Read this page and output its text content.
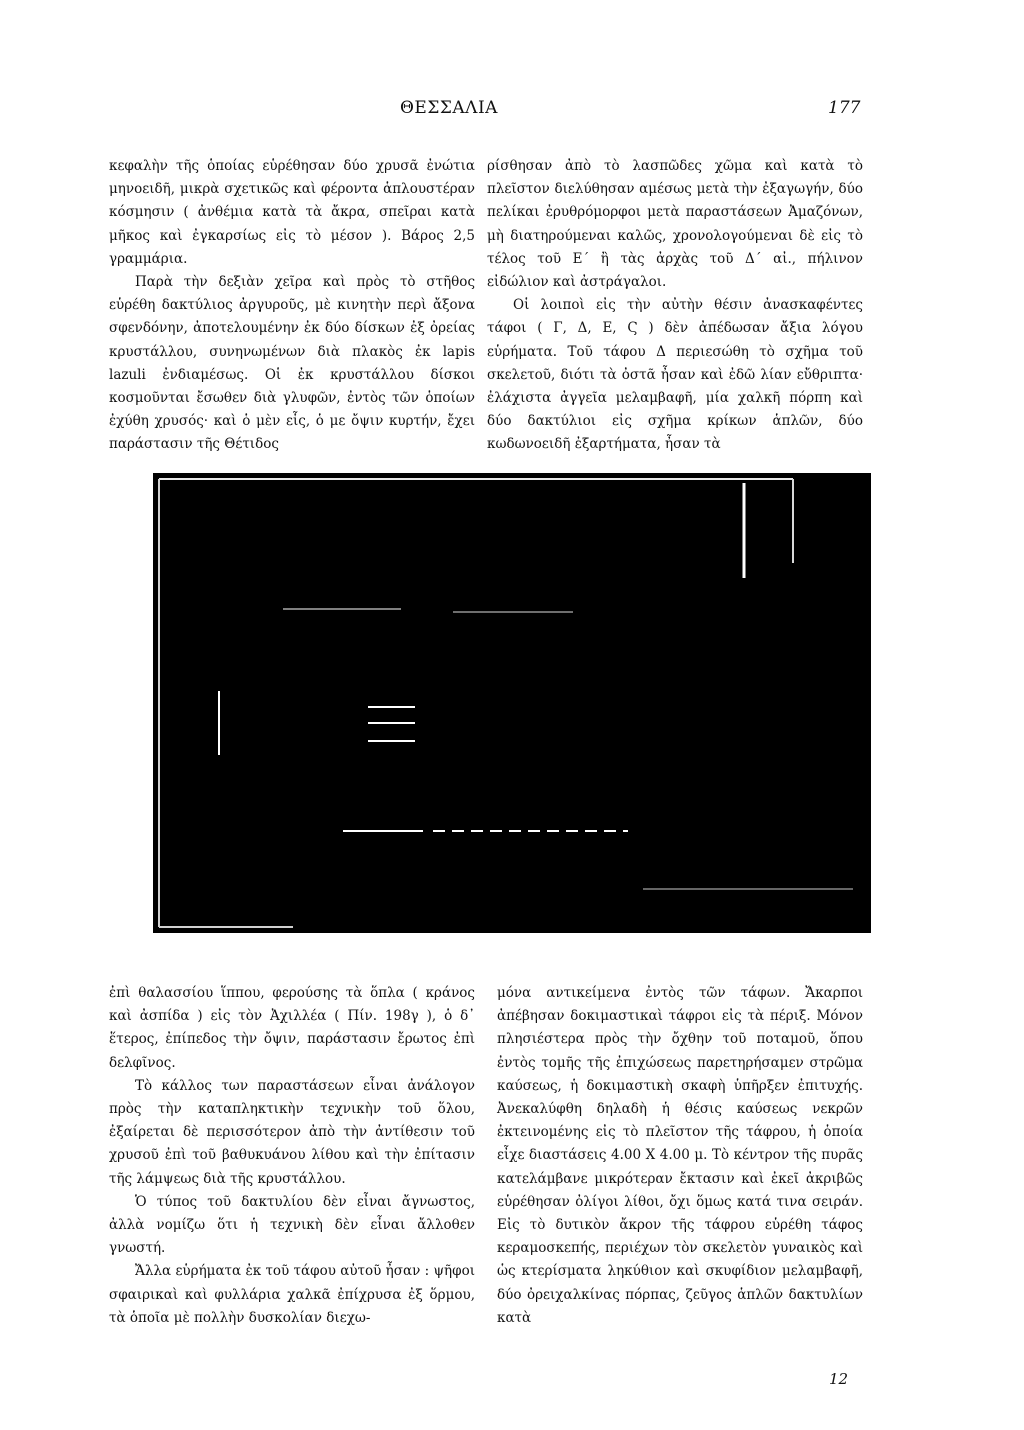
ΘΕΣΣΑΛΙΑ	177

κεφαλὴν τῆς ὁποίας εὑρέθησαν δύο χρυσᾶ ἐνώτια μηνοειδῆ, μικρὰ σχετικῶς καὶ φέροντα ἁπλουστέραν κόσμησιν ( ἀνθέμια κατὰ τὰ ἄκρα, σπεῖραι κατὰ μῆκος καὶ ἐγκαρσίως εἰς τὸ μέσον ). Βάρος 2,5 γραμμάρια.

Παρὰ τὴν δεξιὰν χεῖρα καὶ πρὸς τὸ στῆθος εὑρέθη δακτύλιος ἀργυροῦς, μὲ κινητὴν περὶ ἄξονα σφενδόνην, ἀποτελουμένην ἐκ δύο δίσκων ἐξ ὀρείας κρυστάλλου, συνηνωμένων διὰ πλακὸς ἐκ lapis lazuli ἐνδιαμέσως. Οἱ ἐκ κρυστάλλου δίσκοι κοσμοῦνται ἔσωθεν διὰ γλυφῶν, ἐντὸς τῶν ὁποίων ἐχύθη χρυσός· καὶ ὁ μὲν εἷς, ὁ με ὄψιν κυρτήν, ἔχει παράστασιν τῆς Θέτιδος

ρίσθησαν ἀπὸ τὸ λασπῶδες χῶμα καὶ κατὰ τὸ πλεῖστον διελύθησαν αμέσως μετὰ τὴν ἐξαγωγήν, δύο πελίκαι ἐρυθρόμορφοι μετὰ παραστάσεων Ἀμαζόνων, μὴ διατηρούμεναι καλῶς, χρονολογούμεναι δὲ εἰς τὸ τέλος τοῦ Ε΄ ἢ τὰς ἀρχὰς τοῦ Δ΄ αἰ., πήλινον εἰδώλιον καὶ ἀστράγαλοι.

Οἱ λοιποὶ εἰς τὴν αὐτὴν θέσιν ἀνασκαφέντες τάφοι ( Γ, Δ, Ε, Ϛ ) δὲν ἀπέδωσαν ἄξια λόγου εὑρήματα. Τοῦ τάφου Δ περιεσώθη τὸ σχῆμα τοῦ σκελετοῦ, διότι τὰ ὀστᾶ ἦσαν καὶ ἐδῶ λίαν εὔθριπτα· ἐλάχιστα ἀγγεῖα μελαμβαφῆ, μία χαλκῆ πόρπη καὶ δύο δακτύλιοι εἰς σχῆμα κρίκων ἁπλῶν, δύο κωδωνοειδῆ ἐξαρτήματα, ἦσαν τὰ

ἐπὶ θαλασσίου ἵππου, φερούσης τὰ ὅπλα ( κράνος καὶ ἀσπίδα ) εἰς τὸν Ἀχιλλέα ( Πίν. 198γ ), ὁ δ᾽ ἕτερος, ἐπίπεδος τὴν ὄψιν, παράστασιν ἔρωτος ἐπὶ δελφῖνος.

Τὸ κάλλος των παραστάσεων εἶναι ἀνάλογον πρὸς τὴν καταπληκτικὴν τεχνικὴν τοῦ ὅλου, ἐξαίρεται δὲ περισσότερον ἀπὸ τὴν ἀντίθεσιν τοῦ χρυσοῦ ἐπὶ τοῦ βαθυκυάνου λίθου καὶ τὴν ἐπίτασιν τῆς λάμψεως διὰ τῆς κρυστάλλου.

Ὁ τύπος τοῦ δακτυλίου δὲν εἶναι ἄγνωστος, ἀλλὰ νομίζω ὅτι ἡ τεχνικὴ δὲν εἶναι ἄλλοθεν γνωστή.

Ἄλλα εὑρήματα ἐκ τοῦ τάφου αὐτοῦ ἦσαν : ψῆφοι σφαιρικαὶ καὶ φυλλάρια χαλκᾶ ἐπίχρυσα ἐξ ὅρμου, τὰ ὁποῖα μὲ πολλὴν δυσκολίαν διεχω-

μόνα αντικείμενα ἐντὸς τῶν τάφων. Ἄκαρποι ἀπέβησαν δοκιμαστικαὶ τάφροι εἰς τὰ πέριξ. Μόνον πλησιέστερα πρὸς τὴν ὄχθην τοῦ ποταμοῦ, ὅπου ἐντὸς τομῆς τῆς ἐπιχώσεως παρετηρήσαμεν στρῶμα καύσεως, ἡ δοκιμαστικὴ σκαφὴ ὑπῆρξεν ἐπιτυχής. Ἀνεκαλύφθη δηλαδὴ ἡ θέσις καύσεως νεκρῶν ἐκτεινομένης εἰς τὸ πλεῖστον τῆς τάφρου, ἡ ὁποία εἶχε διαστάσεις 4.00 Χ 4.00 μ. Τὸ κέντρον τῆς πυρᾶς κατελάμβανε μικρότεραν ἔκτασιν καὶ ἐκεῖ ἀκριβῶς εὑρέθησαν ὀλίγοι λίθοι, ὄχι ὅμως κατά τινα σειράν. Εἰς τὸ δυτικὸν ἄκρον τῆς τάφρου εὑρέθη τάφος κεραμοσκεπής, περιέχων τὸν σκελετὸν γυναικὸς καὶ ὡς κτερίσματα ληκύθιον καὶ σκυφίδιον μελαμβαφῆ, δύο ὀρειχαλκίνας πόρπας, ζεῦγος ἁπλῶν δακτυλίων κατὰ

12
